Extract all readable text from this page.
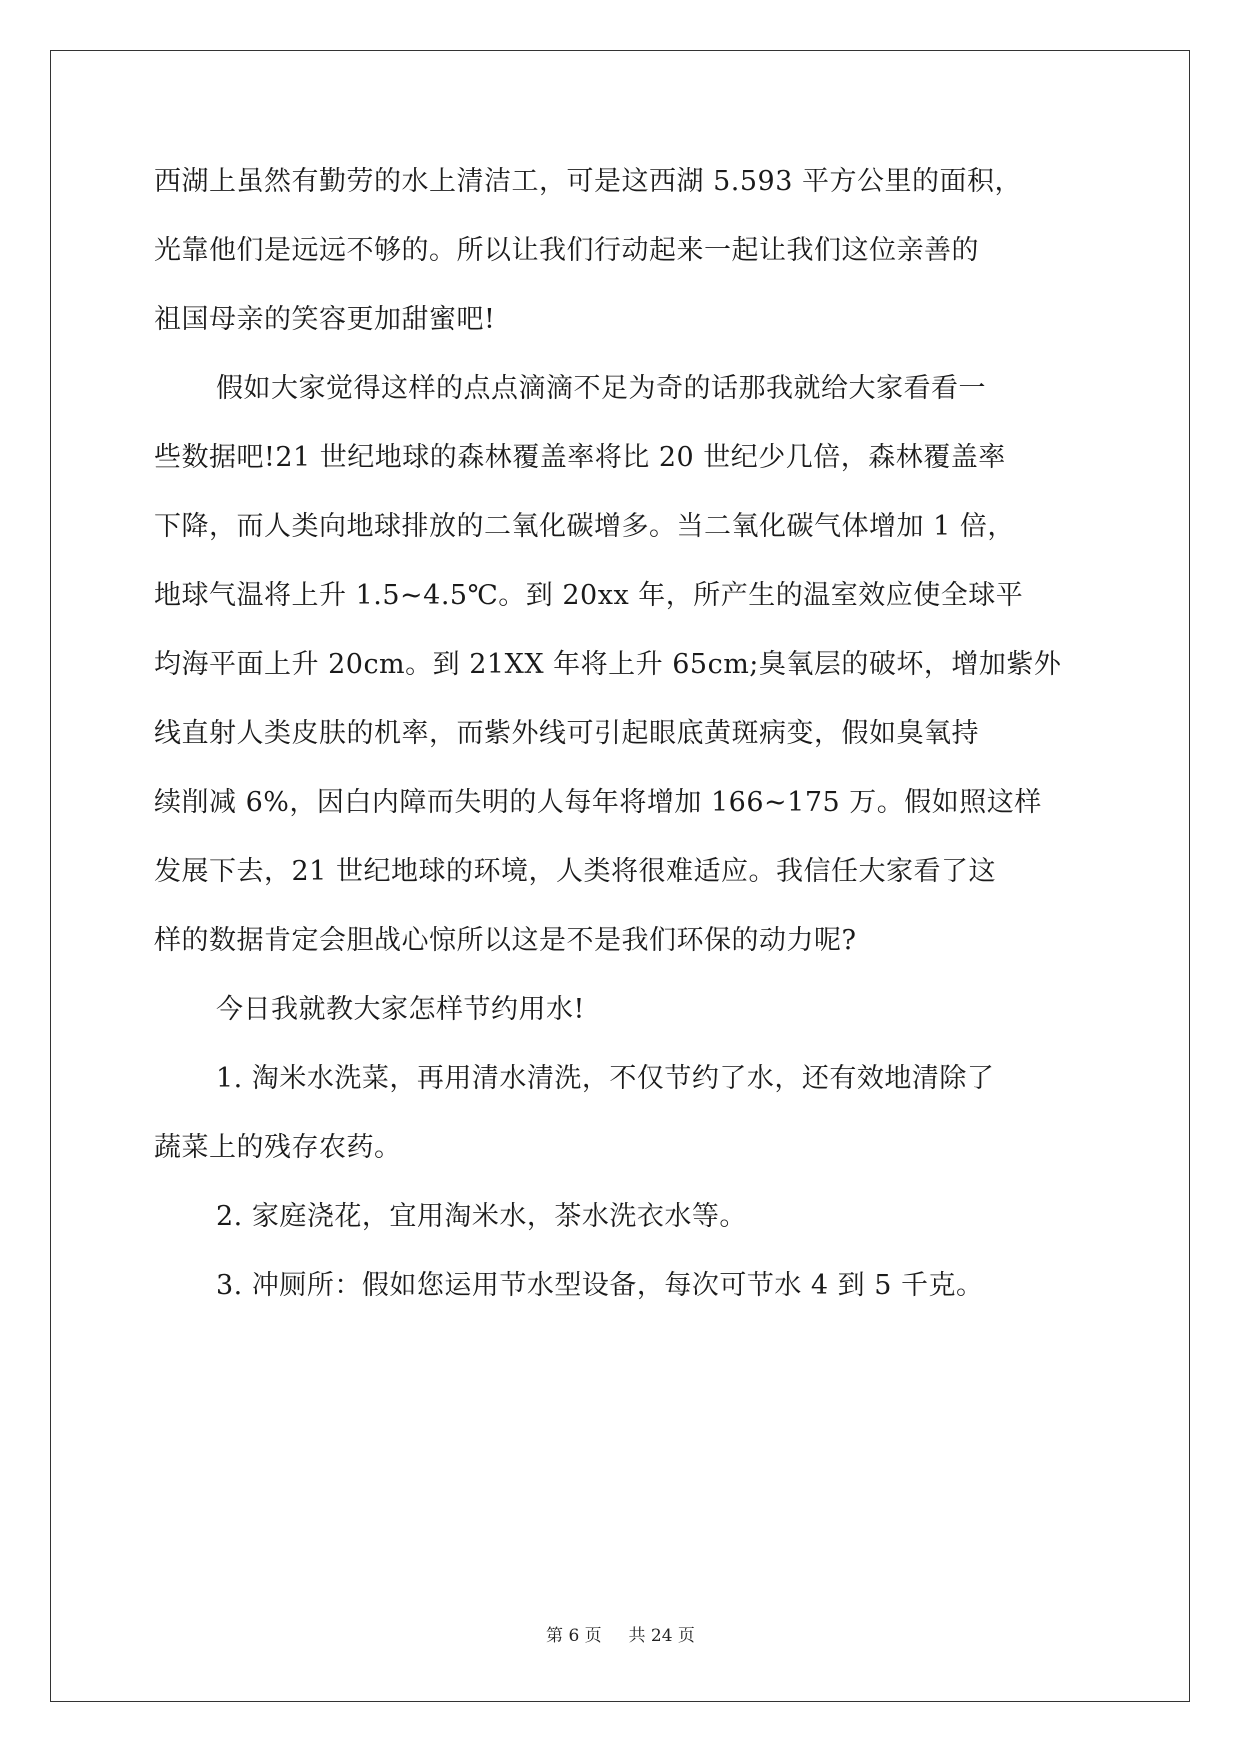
西湖上虽然有勤劳的水上清洁工，可是这西湖 5.593 平方公里的面积，
光靠他们是远远不够的。所以让我们行动起来一起让我们这位亲善的
祖国母亲的笑容更加甜蜜吧!
假如大家觉得这样的点点滴滴不足为奇的话那我就给大家看看一
些数据吧!21 世纪地球的森林覆盖率将比 20 世纪少几倍，森林覆盖率
下降，而人类向地球排放的二氧化碳增多。当二氧化碳气体增加 1 倍，
地球气温将上升 1.5~4.5℃。到 20xx 年，所产生的温室效应使全球平
均海平面上升 20cm。到 21XX 年将上升 65cm;臭氧层的破坏，增加紫外
线直射人类皮肤的机率，而紫外线可引起眼底黄斑病变，假如臭氧持
续削减 6%，因白内障而失明的人每年将增加 166~175 万。假如照这样
发展下去，21 世纪地球的环境，人类将很难适应。我信任大家看了这
样的数据肯定会胆战心惊所以这是不是我们环保的动力呢?
今日我就教大家怎样节约用水!
1. 淘米水洗菜，再用清水清洗，不仅节约了水，还有效地清除了
蔬菜上的残存农药。
2. 家庭浇花，宜用淘米水，茶水洗衣水等。
3. 冲厕所：假如您运用节水型设备，每次可节水 4 到 5 千克。
第 6 页 共 24 页
